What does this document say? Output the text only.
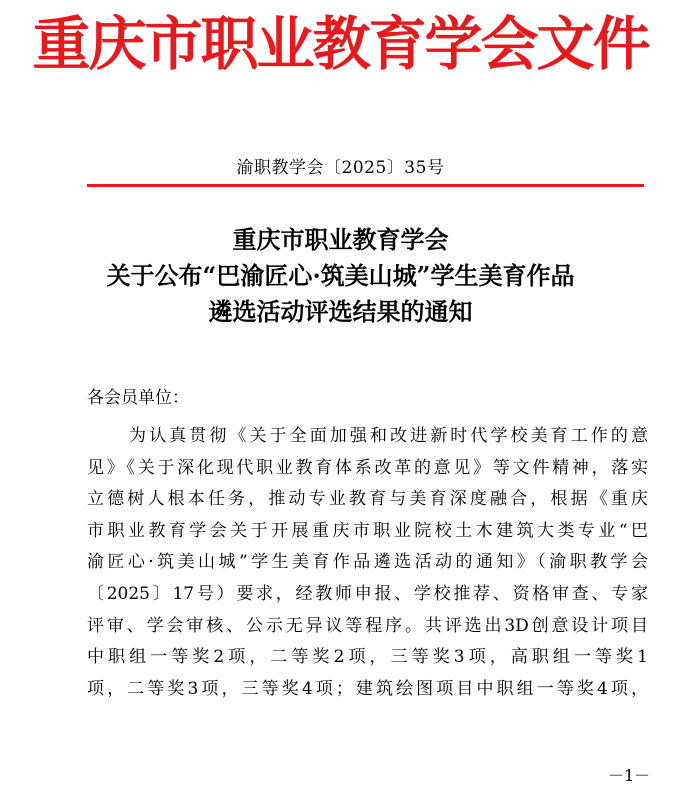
重庆市职业教育学会文件
渝职教学会〔2025〕35号
重庆市职业教育学会
关于公布“巴渝匠心·筑美山城”学生美育作品
遴选活动评选结果的通知
各会员单位：
为认真贯彻《关于全面加强和改进新时代学校美育工作的意
见》《关于深化现代职业教育体系改革的意见》等文件精神，落实
立德树人根本任务，推动专业教育与美育深度融合，根据《重庆
市职业教育学会关于开展重庆市职业院校土木建筑大类专业“巴
渝匠心·筑美山城”学生美育作品遴选活动的通知》（渝职教学会
〔2025〕17号）要求，经教师申报、学校推荐、资格审查、专家
评审、学会审核、公示无异议等程序。共评选出3D创意设计项目
中职组一等奖2项，二等奖2项，三等奖3项，高职组一等奖1
项，二等奖3项，三等奖4项；建筑绘图项目中职组一等奖4项，
－1－
